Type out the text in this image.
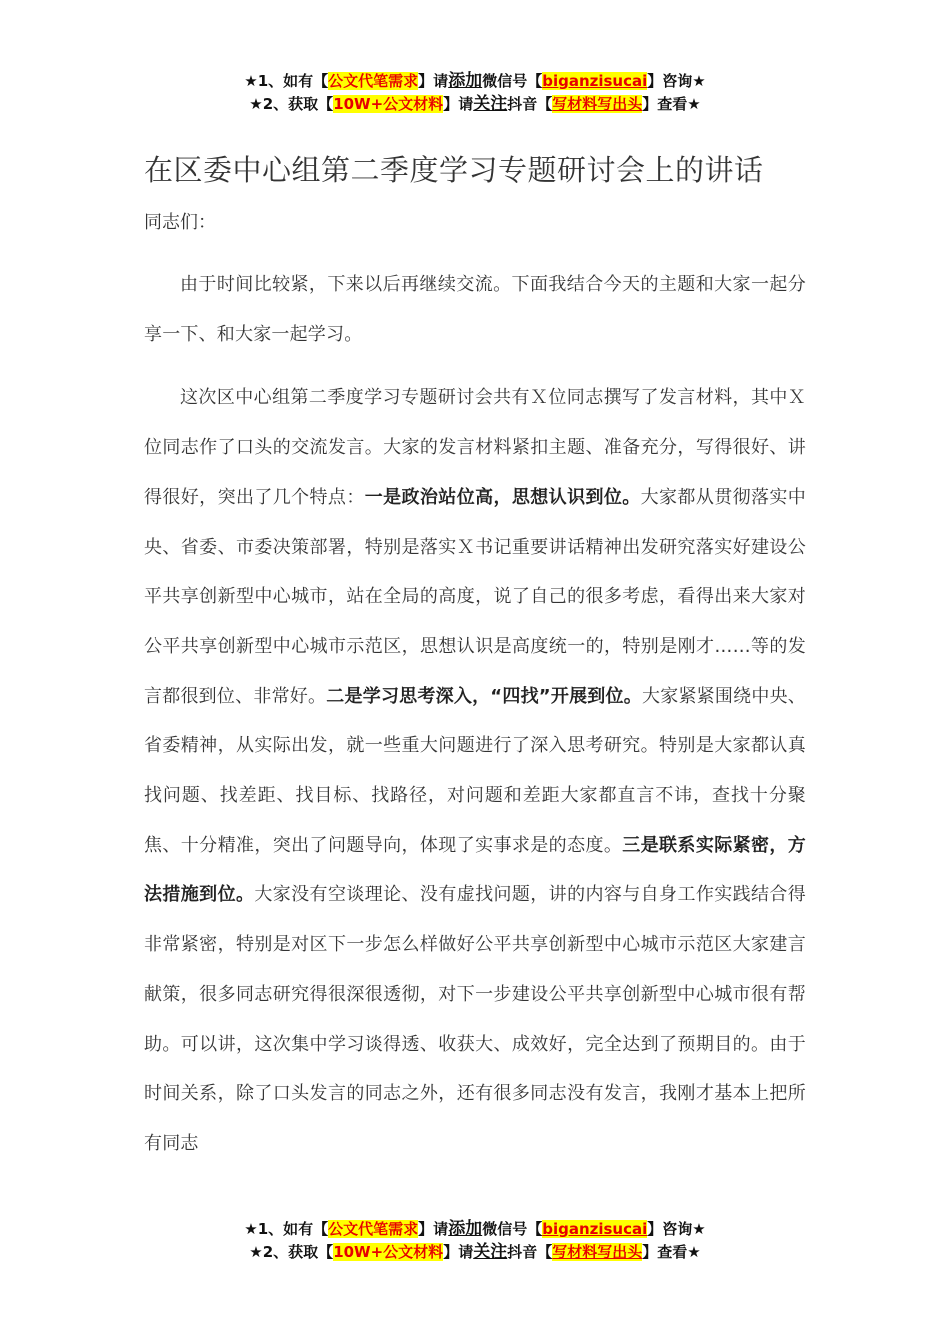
★1、如有【公文代笔需求】请添加微信号【biganzisucai】咨询★
★2、获取【10W+公文材料】请关注抖音【写材料写出头】查看★
在区委中心组第二季度学习专题研讨会上的讲话

同志们：

由于时间比较紧，下来以后再继续交流。下面我结合今天的主题和大家一起分享一下、和大家一起学习。

这次区中心组第二季度学习专题研讨会共有Ｘ位同志撰写了发言材料，其中Ｘ位同志作了口头的交流发言。大家的发言材料紧扣主题、准备充分，写得很好、讲得很好，突出了几个特点：一是政治站位高，思想认识到位。大家都从贯彻落实中央、省委、市委决策部署，特别是落实Ｘ书记重要讲话精神出发研究落实好建设公平共享创新型中心城市，站在全局的高度，说了自己的很多考虑，看得出来大家对公平共享创新型中心城市示范区，思想认识是高度统一的，特别是刚才……等的发言都很到位、非常好。二是学习思考深入，“四找”开展到位。大家紧紧围绕中央、省委精神，从实际出发，就一些重大问题进行了深入思考研究。特别是大家都认真找问题、找差距、找目标、找路径，对问题和差距大家都直言不讳，查找十分聚焦、十分精准，突出了问题导向，体现了实事求是的态度。三是联系实际紧密，方法措施到位。大家没有空谈理论、没有虚找问题，讲的内容与自身工作实践结合得非常紧密，特别是对区下一步怎么样做好公平共享创新型中心城市示范区大家建言献策，很多同志研究得很深很透彻，对下一步建设公平共享创新型中心城市很有帮助。可以讲，这次集中学习谈得透、收获大、成效好，完全达到了预期目的。由于时间关系，除了口头发言的同志之外，还有很多同志没有发言，我刚才基本上把所有同志

★1、如有【公文代笔需求】请添加微信号【biganzisucai】咨询★
★2、获取【10W+公文材料】请关注抖音【写材料写出头】查看★
